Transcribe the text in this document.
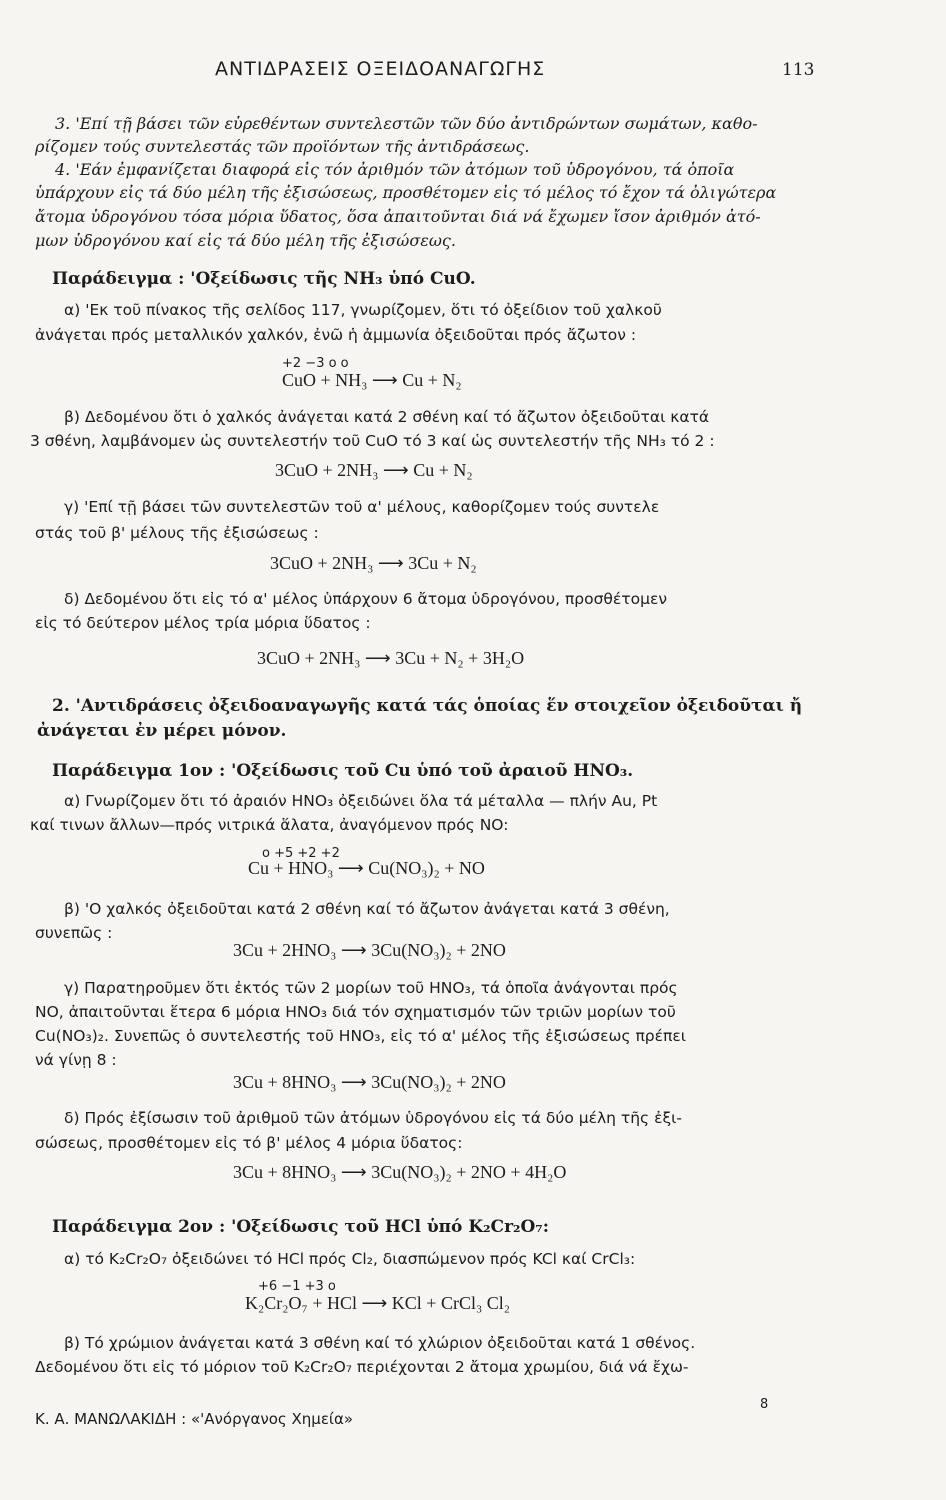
ΑΝΤΙΔΡΑΣΕΙΣ ΟΞΕΙΔΟΑΝΑΓΩΓΗΣ	113
3. 'Επί τῇ βάσει τῶν εὑρεθέντων συντελεστῶν τῶν δύο ἀντιδρώντων σωμάτων, καθο-
ρίζομεν τούς συντελεστάς τῶν προϊόντων τῆς ἀντιδράσεως.
4. 'Εάν ἐμφανίζεται διαφορά εἰς τόν ἀριθμόν τῶν ἀτόμων τοῦ ὑδρογόνου, τά ὁποῖα
ὑπάρχουν εἰς τά δύο μέλη τῆς ἐξισώσεως, προσθέτομεν εἰς τό μέλος τό ἔχον τά ὀλιγώτερα
ἄτομα ὑδρογόνου τόσα μόρια ὕδατος, ὅσα ἀπαιτοῦνται διά νά ἔχωμεν ἴσον ἀριθμόν ἀτό-
μων ὑδρογόνου καί εἰς τά δύο μέλη τῆς ἐξισώσεως.
Παράδειγμα : 'Οξείδωσις τῆς NH₃ ὑπό CuO.
α) 'Εκ τοῦ πίνακος τῆς σελίδος 117, γνωρίζομεν, ὅτι τό ὀξείδιον τοῦ χαλκοῦ
ἀνάγεται πρός μεταλλικόν χαλκόν, ἐνῶ ἡ ἀμμωνία ὀξειδοῦται πρός ἄζωτον :
+2 −3 o o
CuO + NH₃ ⟶ Cu + N₂
β) Δεδομένου ὅτι ὁ χαλκός ἀνάγεται κατά 2 σθένη καί τό ἄζωτον ὀξειδοῦται κατά
3 σθένη, λαμβάνομεν ὡς συντελεστήν τοῦ CuO τό 3 καί ὡς συντελεστήν τῆς NH₃ τό 2 :
3CuO + 2NH₃ ⟶ Cu + N₂
γ) 'Επί τῇ βάσει τῶν συντελεστῶν τοῦ α' μέλους, καθορίζομεν τούς συντελε
στάς τοῦ β' μέλους τῆς ἐξισώσεως :
3CuO + 2NH₃ ⟶ 3Cu + N₂
δ) Δεδομένου ὅτι εἰς τό α' μέλος ὑπάρχουν 6 ἄτομα ὑδρογόνου, προσθέτομεν
εἰς τό δεύτερον μέλος τρία μόρια ὕδατος :
3CuO + 2NH₃ ⟶ 3Cu + N₂ + 3H₂O
2. 'Αντιδράσεις ὀξειδοαναγωγῆς κατά τάς ὁποίας ἕν στοιχεῖον ὀξειδοῦται ἤ
ἀνάγεται ἐν μέρει μόνον.
Παράδειγμα 1ον : 'Οξείδωσις τοῦ Cu ὑπό τοῦ ἀραιοῦ HNO₃.
α) Γνωρίζομεν ὅτι τό ἀραιόν HNO₃ ὀξειδώνει ὅλα τά μέταλλα — πλήν Au, Pt
καί τινων ἄλλων—πρός νιτρικά ἅλατα, ἀναγόμενον πρός NO:
o +5 +2 +2
Cu + HNO₃ ⟶ Cu(NO₃)₂ + NO
β) 'Ο χαλκός ὀξειδοῦται κατά 2 σθένη καί τό ἄζωτον ἀνάγεται κατά 3 σθένη,
συνεπῶς :
3Cu + 2HNO₃ ⟶ 3Cu(NO₃)₂ + 2NO
γ) Παρατηροῦμεν ὅτι ἐκτός τῶν 2 μορίων τοῦ HNO₃, τά ὁποῖα ἀνάγονται πρός
NO, ἀπαιτοῦνται ἕτερα 6 μόρια HNO₃ διά τόν σχηματισμόν τῶν τριῶν μορίων τοῦ
Cu(NO₃)₂. Συνεπῶς ὁ συντελεστής τοῦ HNO₃, εἰς τό α' μέλος τῆς ἐξισώσεως πρέπει
νά γίνῃ 8 :
3Cu + 8HNO₃ ⟶ 3Cu(NO₃)₂ + 2NO
δ) Πρός ἐξίσωσιν τοῦ ἀριθμοῦ τῶν ἀτόμων ὑδρογόνου εἰς τά δύο μέλη τῆς ἐξι-
σώσεως, προσθέτομεν εἰς τό β' μέλος 4 μόρια ὕδατος:
3Cu + 8HNO₃ ⟶ 3Cu(NO₃)₂ + 2NO + 4H₂O
Παράδειγμα 2ον : 'Οξείδωσις τοῦ HCl ὑπό K₂Cr₂O₇:
α) τό K₂Cr₂O₇ ὀξειδώνει τό HCl πρός Cl₂, διασπώμενον πρός KCl καί CrCl₃:
+6 −1 +3 o
K₂Cr₂O₇ + HCl ⟶ KCl + CrCl₃ Cl₂
β) Τό χρώμιον ἀνάγεται κατά 3 σθένη καί τό χλώριον ὀξειδοῦται κατά 1 σθένος.
Δεδομένου ὅτι εἰς τό μόριον τοῦ K₂Cr₂O₇ περιέχονται 2 ἄτομα χρωμίου, διά νά ἔχω-
Κ. Α. ΜΑΝΩΛΑΚΙΔΗ : «'Ανόργανος Χημεία»
8
